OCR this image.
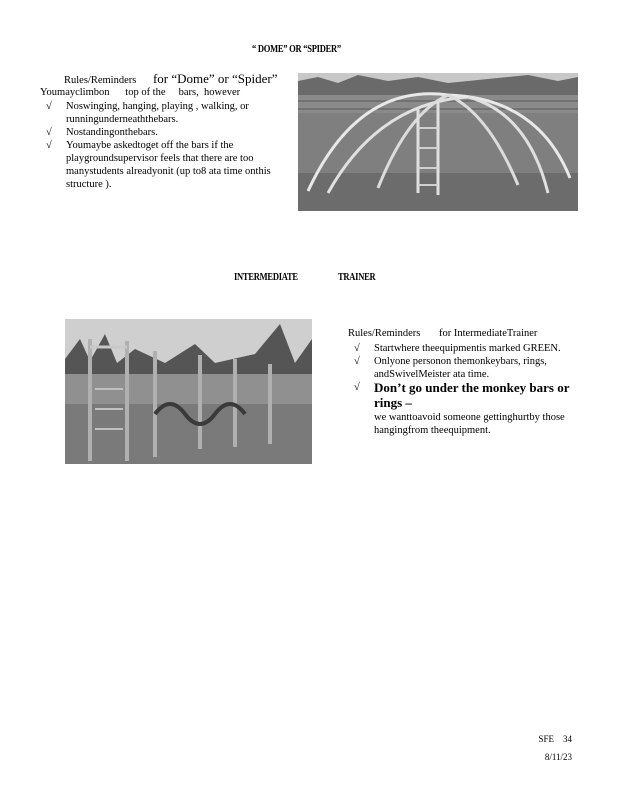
“ DOME” OR “SPIDER”
Rules/Reminders for “Dome” or “Spider”
Youmayclimbon      top of the     bars,  however
√ Noswinging, hanging, playing , walking, or runningunderneaththebars.
√ Nostandingonthebars.
√ Youmaybe askedtoget off the bars if the playgroundsupervisor feels that there are too manystudents alreadyonit (up to8 ata time onthis structure ).
INTERMEDIATE	TRAINER
Rules/Reminders for IntermediateTrainer
√ Startwhere theequipmentis marked GREEN.
√ Onlyone personon themonkeybars, rings, andSwivelMeister ata time.
√ Don’t go under the monkey bars or rings –
we wanttoavoid someone gettinghurtby those hangingfrom theequipment.
SFE    34
8/11/23
